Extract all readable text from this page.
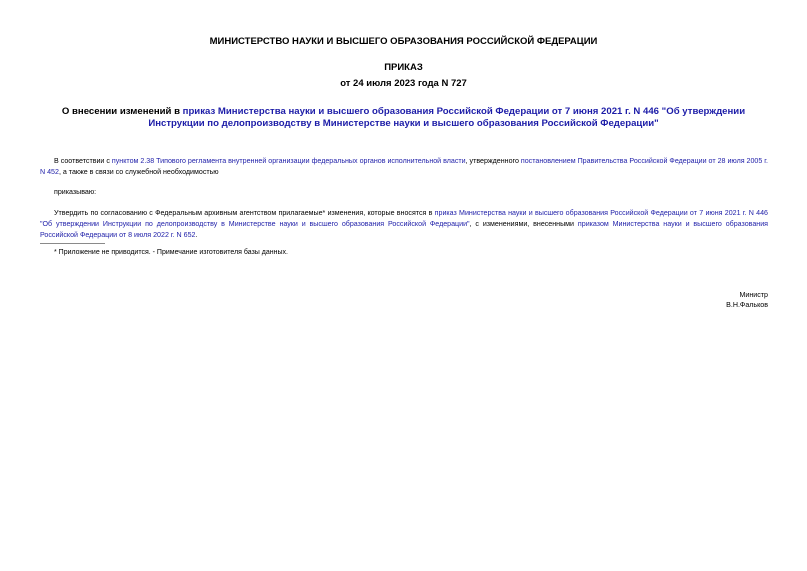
МИНИСТЕРСТВО НАУКИ И ВЫСШЕГО ОБРАЗОВАНИЯ РОССИЙСКОЙ ФЕДЕРАЦИИ
ПРИКАЗ
от 24 июля 2023 года N 727
О внесении изменений в приказ Министерства науки и высшего образования Российской Федерации от 7 июня 2021 г. N 446 "Об утверждении Инструкции по делопроизводству в Министерстве науки и высшего образования Российской Федерации"
В соответствии с пунктом 2.38 Типового регламента внутренней организации федеральных органов исполнительной власти, утвержденного постановлением Правительства Российской Федерации от 28 июля 2005 г. N 452, а также в связи со служебной необходимостью
приказываю:
Утвердить по согласованию с Федеральным архивным агентством прилагаемые* изменения, которые вносятся в приказ Министерства науки и высшего образования Российской Федерации от 7 июня 2021 г. N 446 "Об утверждении Инструкции по делопроизводству в Министерстве науки и высшего образования Российской Федерации", с изменениями, внесенными приказом Министерства науки и высшего образования Российской Федерации от 8 июля 2022 г. N 652.
* Приложение не приводится. - Примечание изготовителя базы данных.
Министр
В.Н.Фальков
